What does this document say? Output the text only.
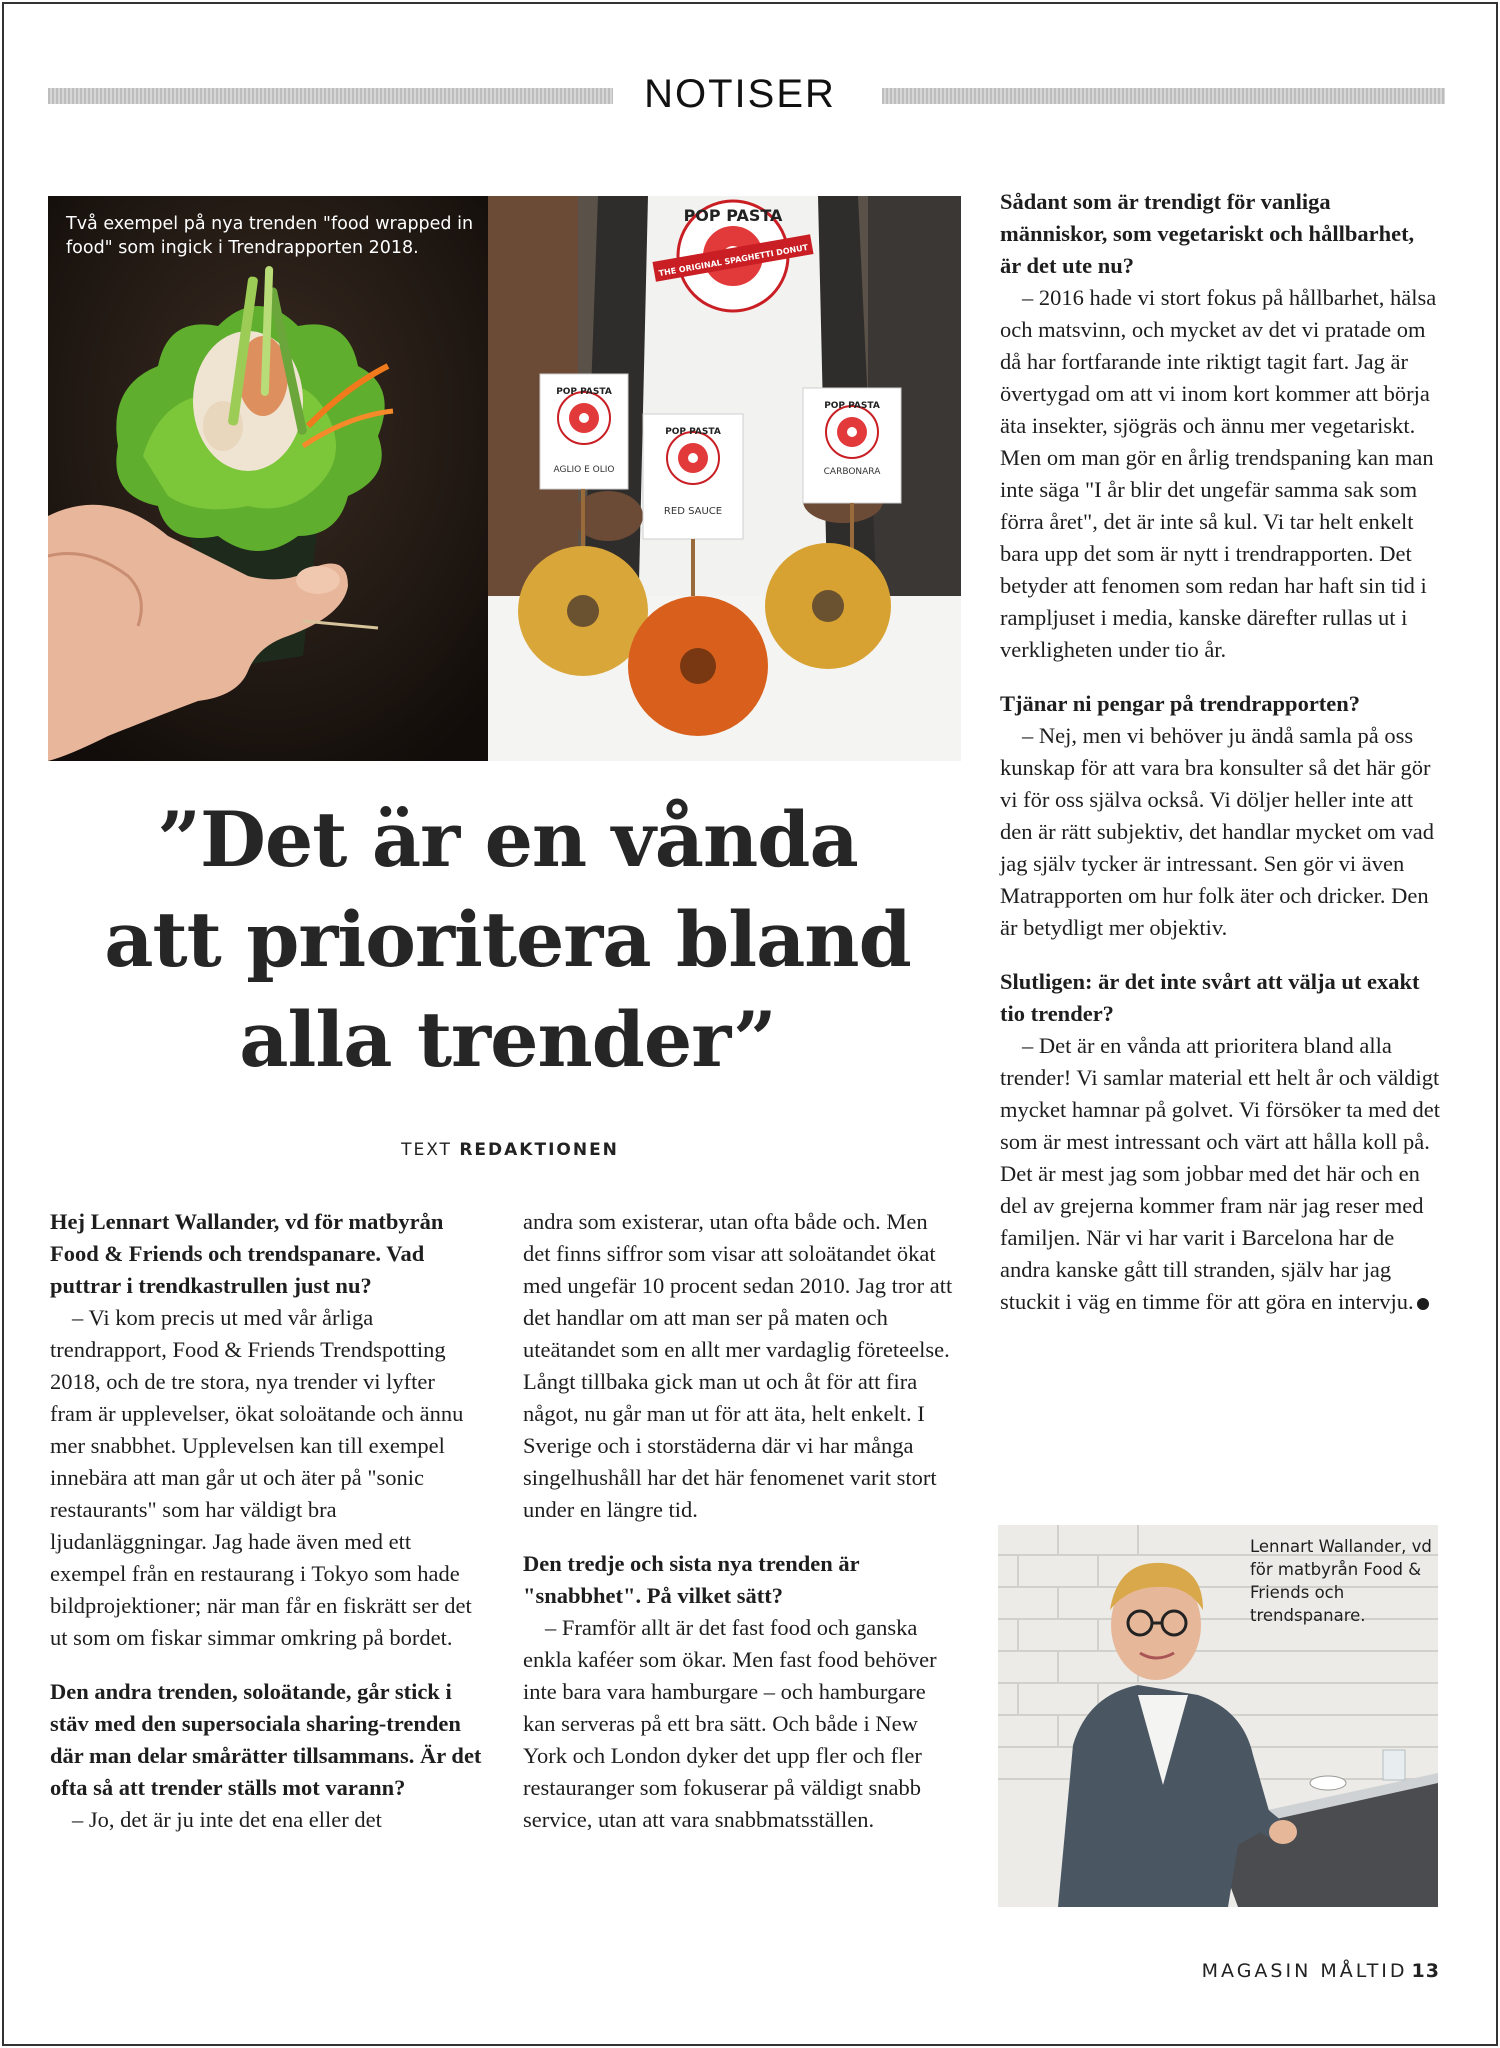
NOTISER
Två exempel på nya trenden "food wrapped in food" som ingick i Trendrapporten 2018.
POP PASTA
THE ORIGINAL SPAGHETTI DONUT
POP PASTA
AGLIO E OLIO
POP PASTA
RED SAUCE
POP PASTA
CARBONARA
”Det är en vånda
att prioritera bland
alla trender”
TEXT REDAKTIONEN

Hej Lennart Wallander, vd för matbyrån Food & Friends och trendspanare. Vad puttrar i trendkastrullen just nu?

– Vi kom precis ut med vår årliga trendrapport, Food & Friends Trendspotting 2018, och de tre stora, nya trender vi lyfter fram är upplevelser, ökat soloätande och ännu mer snabbhet. Upplevelsen kan till exempel innebära att man går ut och äter på "sonic restaurants" som har väldigt bra ljudanläggningar. Jag hade även med ett exempel från en restaurang i Tokyo som hade bildprojektioner; när man får en fiskrätt ser det ut som om fiskar simmar omkring på bordet.

Den andra trenden, soloätande, går stick i stäv med den supersociala sharing-trenden där man delar smårätter tillsammans. Är det ofta så att trender ställs mot varann?

– Jo, det är ju inte det ena eller det

andra som existerar, utan ofta både och. Men det finns siffror som visar att soloätandet ökat med ungefär 10 procent sedan 2010. Jag tror att det handlar om att man ser på maten och uteätandet som en allt mer vardaglig företeelse. Långt tillbaka gick man ut och åt för att fira något, nu går man ut för att äta, helt enkelt. I Sverige och i storstäderna där vi har många singelhushåll har det här fenomenet varit stort under en längre tid.

Den tredje och sista nya trenden är "snabbhet". På vilket sätt?

– Framför allt är det fast food och ganska enkla kaféer som ökar. Men fast food behöver inte bara vara hamburgare – och hamburgare kan serveras på ett bra sätt. Och både i New York och London dyker det upp fler och fler restauranger som fokuserar på väldigt snabb service, utan att vara snabbmatsställen.

Sådant som är trendigt för vanliga människor, som vegetariskt och hållbarhet, är det ute nu?

– 2016 hade vi stort fokus på hållbarhet, hälsa och matsvinn, och mycket av det vi pratade om då har fortfarande inte riktigt tagit fart. Jag är övertygad om att vi inom kort kommer att börja äta insekter, sjögräs och ännu mer vegetariskt. Men om man gör en årlig trendspaning kan man inte säga "I år blir det ungefär samma sak som förra året", det är inte så kul. Vi tar helt enkelt bara upp det som är nytt i trendrapporten. Det betyder att fenomen som redan har haft sin tid i rampljuset i media, kanske därefter rullas ut i verkligheten under tio år.

Tjänar ni pengar på trendrapporten?

– Nej, men vi behöver ju ändå samla på oss kunskap för att vara bra konsulter så det här gör vi för oss själva också. Vi döljer heller inte att den är rätt subjektiv, det handlar mycket om vad jag själv tycker är intressant. Sen gör vi även Matrapporten om hur folk äter och dricker. Den är betydligt mer objektiv.

Slutligen: är det inte svårt att välja ut exakt tio trender?

– Det är en vånda att prioritera bland alla trender! Vi samlar material ett helt år och väldigt mycket hamnar på golvet. Vi försöker ta med det som är mest intressant och värt att hålla koll på. Det är mest jag som jobbar med det här och en del av grejerna kommer fram när jag reser med familjen. När vi har varit i Barcelona har de andra kanske gått till stranden, själv har jag stuckit i väg en timme för att göra en intervju.

Lennart Wallander, vd för matbyrån Food & Friends och trendspanare.
MAGASIN MÅLTID 13
